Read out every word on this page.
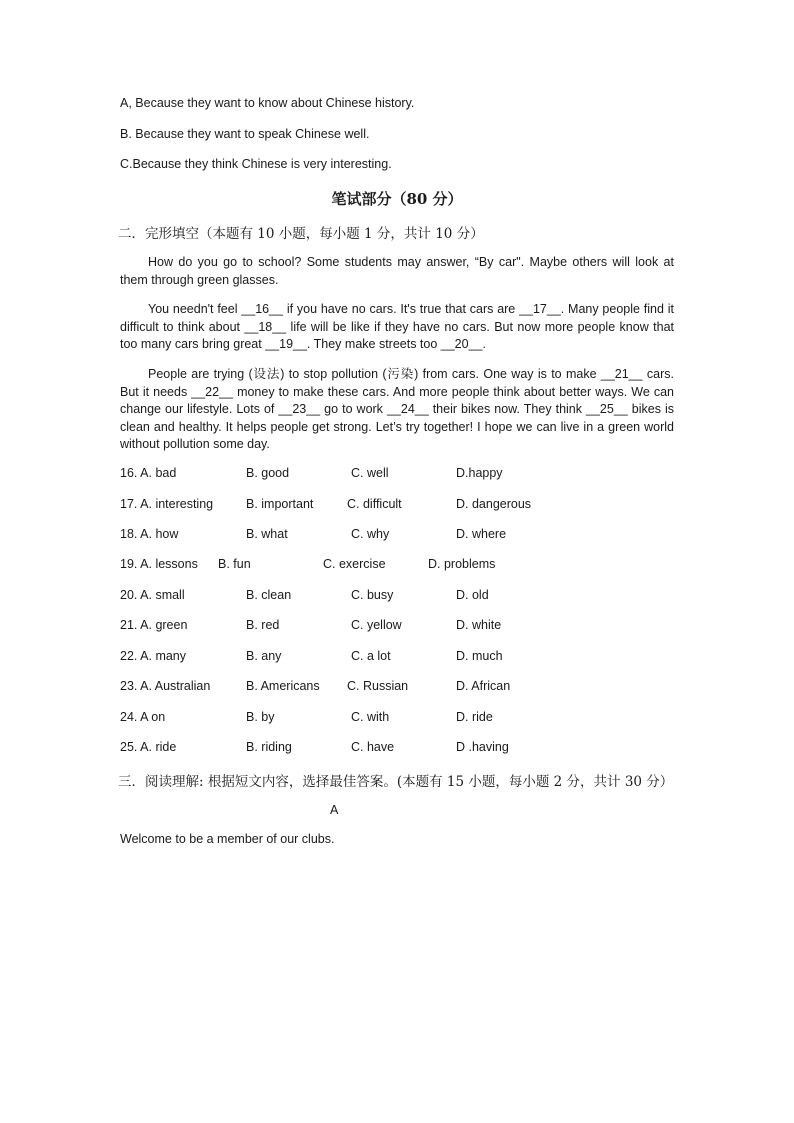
A, Because they want to know about Chinese history.
B. Because they want to speak Chinese well.
C.Because they think Chinese is very interesting.
笔试部分（80 分）
二．完形填空（本题有 10 小题，每小题 1 分，共计 10 分）

How do you go to school? Some students may answer, “By car". Maybe others will look at them through green glasses.

You needn't feel __16__ if you have no cars. It's true that cars are __17__. Many people find it difficult to think about __18__ life will be like if they have no cars. But now more people know that too many cars bring great __19__. They make streets too __20__.

People are trying (设法) to stop pollution (污染) from cars. One way is to make __21__ cars. But it needs __22__ money to make these cars. And more people think about better ways. We can change our lifestyle. Lots of __23__ go to work __24__ their bikes now. They think __25__ bikes is clean and healthy. It helps people get strong. Let’s try together! I hope we can live in a green world without pollution some day.

16. A. bad	B. good	C. well	D.happy
17. A. interesting	B. important	C. difficult	D. dangerous
18. A. how	B. what	C. why	D. where
19. A. lessons B. fun	C. exercise	D. problems
20. A. small	B. clean	C. busy	D. old
21. A. green	B. red	C. yellow	D. white
22. A. many	B. any	C. a lot	D. much
23. A. Australian	B. Americans C. Russian	D. African
24. A on	B. by	C. with	D. ride
25. A. ride	B. riding	C. have	D .having
三．阅读理解: 根据短文内容，选择最佳答案。(本题有 15 小题，每小题 2 分，共计 30 分）
A
Welcome to be a member of our clubs.
